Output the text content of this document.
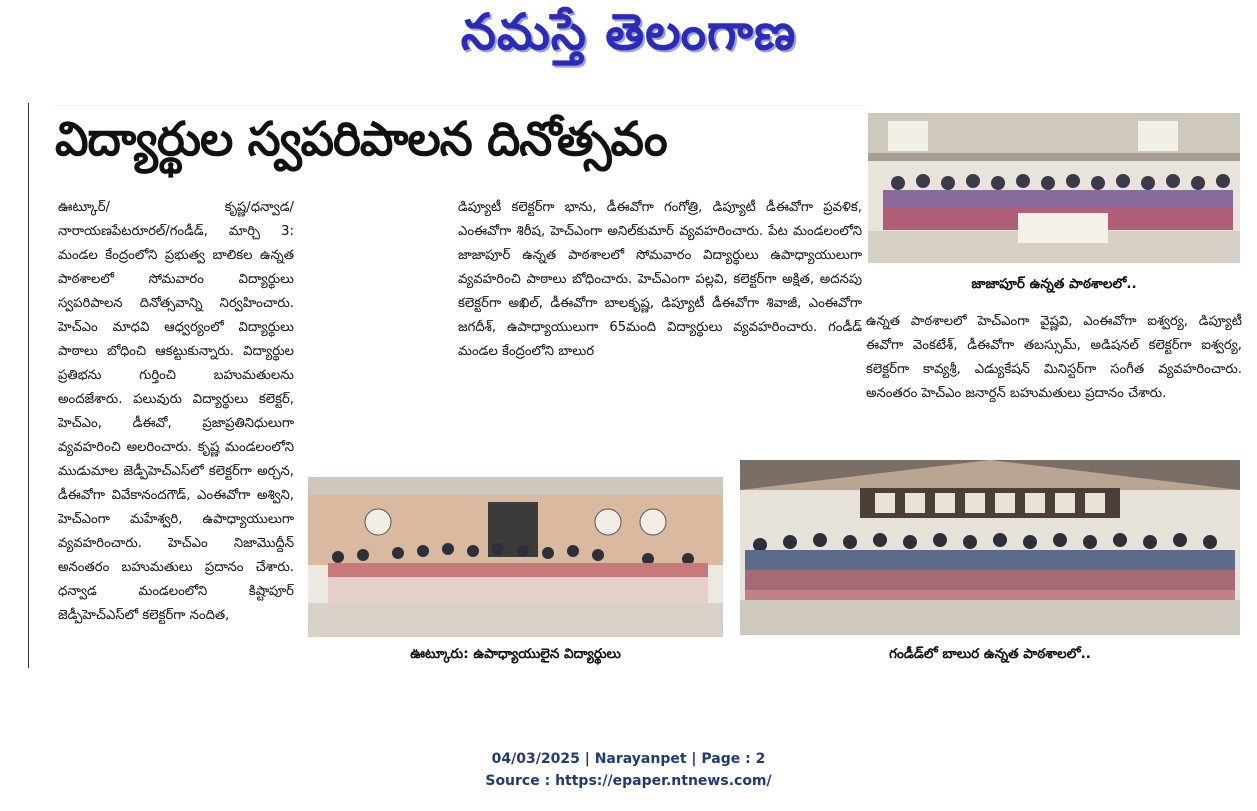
నమస్తే తెలంగాణ
విద్యార్థుల స్వపరిపాలన దినోత్సవం

ఊట్కూర్/ కృష్ణ/ధన్వాడ/నారాయణపేటరూరల్/గండీడ్, మార్చి 3: మండల కేంద్రంలోని ప్రభుత్వ బాలికల ఉన్నత పాఠశాలలో సోమవారం విద్యార్థులు స్వపరిపాలన దినోత్సవాన్ని నిర్వహించారు. హెచ్ఎం మాధవి ఆధ్వర్యంలో విద్యార్థులు పాఠాలు బోధించి ఆకట్టుకున్నారు. విద్యార్థుల ప్రతిభను గుర్తించి బహుమతులను అందజేశారు. పలువురు విద్యార్థులు కలెక్టర్, హెచ్ఎం, డీఈవో, ప్రజాప్రతినిధులుగా వ్యవహరించి అలరించారు. కృష్ణ మండలంలోని ముడుమాల జెడ్పీహెచ్ఎస్‌లో కలెక్టర్‌గా అర్చన, డీఈవోగా వివేకానందగౌడ్, ఎంఈవోగా అశ్విని, హెచ్ఎంగా మహేశ్వరి, ఉపాధ్యాయులుగా వ్యవహరించారు. హెచ్ఎం నిజామొద్దీన్ అనంతరం బహుమతులు ప్రదానం చేశారు. ధన్వాడ మండలంలోని కిష్టాపూర్ జెడ్పీహెచ్ఎస్‌లో కలెక్టర్‌గా నందిత,

డిప్యూటీ కలెక్టర్‌గా భాను, డీఈవోగా గంగోత్రి, డిప్యూటీ డీఈవోగా ప్రవళిక, ఎంఈవోగా శిరీష, హెచ్ఎంగా అనిల్‌కుమార్ వ్యవహరించారు. పేట మండలంలోని జాజాపూర్ ఉన్నత పాఠశాలలో సోమవారం విద్యార్థులు ఉపాధ్యాయులుగా వ్యవహరించి పాఠాలు బోధించారు. హెచ్ఎంగా పల్లవి, కలెక్టర్‌గా అక్షిత, అదనపు కలెక్టర్‌గా అఖిల్, డీఈవోగా బాలకృష్ణ, డిప్యూటీ డీఈవోగా శివాజీ, ఎంఈవోగా జగదీశ్, ఉపాధ్యాయులుగా 65మంది విద్యార్థులు వ్యవహరించారు. గండీడ్ మండల కేంద్రంలోని బాలుర

ఉన్నత పాఠశాలలో హెచ్ఎంగా వైష్ణవి, ఎంఈవోగా ఐశ్వర్య, డిప్యూటీ ఈవోగా వెంకటేశ్, డీఈవోగా తబస్సుమ్, అడిషనల్ కలెక్టర్‌గా ఐశ్వర్య, కలెక్టర్‌గా కావ్యశ్రీ, ఎడ్యుకేషన్ మినిస్టర్‌గా సంగీత వ్యవహరించారు. అనంతరం హెచ్ఎం జనార్దన్ బహుమతులు ప్రదానం చేశారు.

జాజాపూర్ ఉన్నత పాఠశాలలో..
ఊట్కూరు: ఉపాధ్యాయులైన విద్యార్థులు	గండీడ్‌లో బాలుర ఉన్నత పాఠశాలలో..
04/03/2025 | Narayanpet | Page : 2
Source : https://epaper.ntnews.com/
